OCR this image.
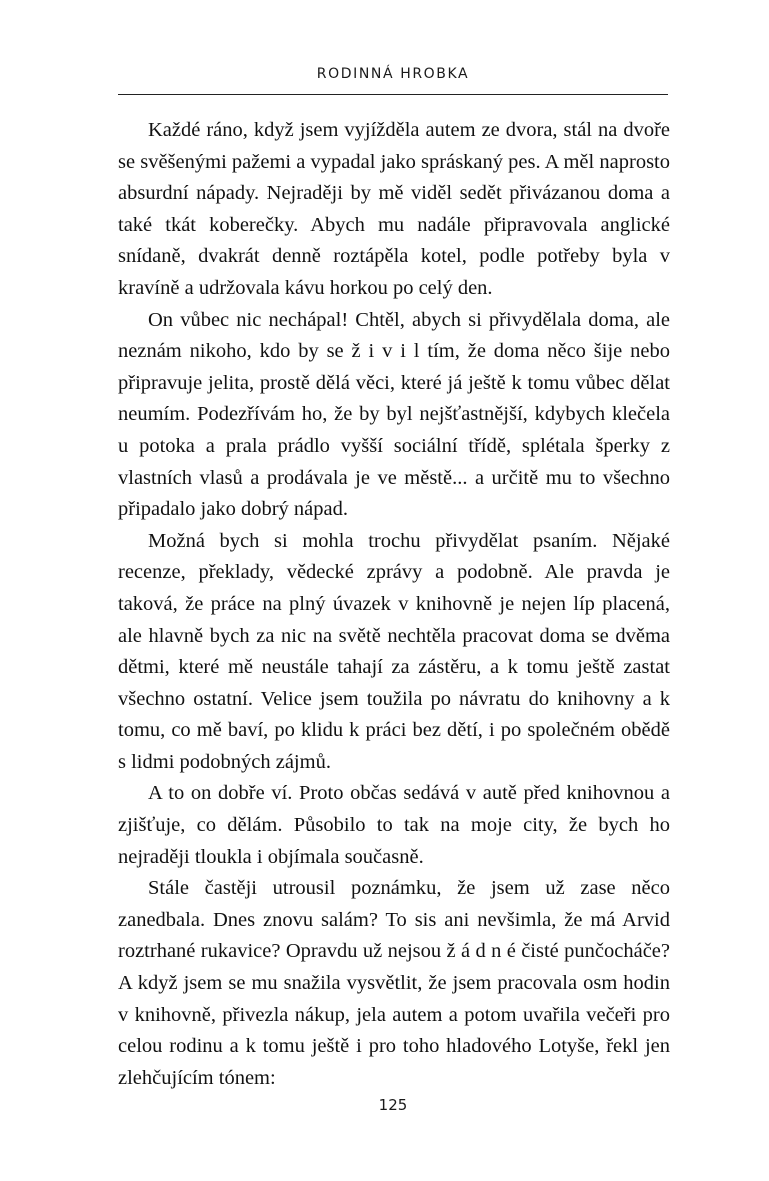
RODINNÁ HROBKA

Každé ráno, když jsem vyjížděla autem ze dvora, stál na dvoře se svěšenými pažemi a vypadal jako spráskaný pes. A měl naprosto absurdní nápady. Nejraději by mě viděl sedět přivázanou doma a také tkát koberečky. Abych mu nadále připravovala anglické snídaně, dvakrát denně roztápěla kotel, podle potřeby byla v kravíně a udržovala kávu horkou po celý den.

On vůbec nic nechápal! Chtěl, abych si přivydělala doma, ale neznám nikoho, kdo by se ž i v i l tím, že doma něco šije nebo připravuje jelita, prostě dělá věci, které já ještě k tomu vůbec dělat neumím. Podezřívám ho, že by byl nejšťastnější, kdybych klečela u potoka a prala prádlo vyšší sociální třídě, splétala šperky z vlastních vlasů a prodávala je ve městě... a určitě mu to všechno připadalo jako dobrý nápad.

Možná bych si mohla trochu přivydělat psaním. Nějaké recenze, překlady, vědecké zprávy a podobně. Ale pravda je taková, že práce na plný úvazek v knihovně je nejen líp placená, ale hlavně bych za nic na světě nechtěla pracovat doma se dvěma dětmi, které mě neustále tahají za zástěru, a k tomu ještě zastat všechno ostatní. Velice jsem toužila po návratu do knihovny a k tomu, co mě baví, po klidu k práci bez dětí, i po společném obědě s lidmi podobných zájmů.

A to on dobře ví. Proto občas sedává v autě před knihovnou a zjišťuje, co dělám. Působilo to tak na moje city, že bych ho nejraději tloukla i objímala současně.

Stále častěji utrousil poznámku, že jsem už zase něco zanedbala. Dnes znovu salám? To sis ani nevšimla, že má Arvid roztrhané rukavice? Opravdu už nejsou ž á d n é čisté punčocháče? A když jsem se mu snažila vysvětlit, že jsem pracovala osm hodin v knihovně, přivezla nákup, jela autem a potom uvařila večeři pro celou rodinu a k tomu ještě i pro toho hladového Lotyše, řekl jen zlehčujícím tónem:

125
